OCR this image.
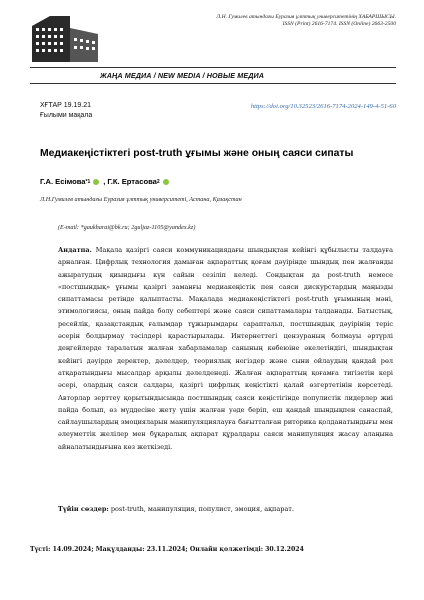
Л.Н. Гумилев атындағы Еуразия ұлттық университетінің ХАБАРШЫСЫ.
ISSN (Print) 2616-7174. ISSN (Online) 2663-2500
ЖАҢА МЕДИА / NEW MEDIA / НОВЫЕ МЕДИА
ХҒТАР 19.19.21
Ғылыми мақала
https://doi.org/10.32523/2616-7174-2024-149-4-51-60
Медиакеңістіктегі post-truth ұғымы және оның саяси сипаты
Г.А. Есімова *1 , Г.К. Ертасова 2
Л.Н.Гумилев атындағы Еуразия ұлттық университеті, Астана, Қазақстан
(E-mail: *gaukharai@bk.ru; 2guljaz-1105@yandex.kz)
Андатпа. Мақала қазіргі саяси коммуникациядағы шындықтан кейінгі құбылысты талдауға арналған. Цифрлық технология дамыған ақпараттық қоғам дәуірінде шындық пен жалғанды ажыратудың қиындығы күн сайын сезіліп келеді. Сондықтан да post-truth немесе «постшындық» ұғымы қазіргі заманғы медиакеңістік пен саяси дискурстардың маңызды сипаттамасы ретінде қалыптасты. Мақалада медиакеңістіктегі post-truth ұғымының мәні, этимологиясы, оның пайда болу себептері және саяси сипаттамалары талданады. Батыстық, ресейлік, қазақстандық ғалымдар тұжырымдары сараптальп, постшындық дәуірінің теріс әсерін болдырмау тәсілдері қарастырылады. Интернеттегі цензураның болмауы әртүрлі деңгейлерде таралатын жалған хабарламалар санының көбеюіне әкелетіндігі, шындықтан кейінгі дәуірде деректер, дәлелдер, теориялық негіздер және сыни ойлаудың қандай рөл атқаратындығы мысалдар арқылы дәлелденеді. Жалған ақпараттың қоғамға тигізетін кері әсері, олардың саяси салдары, қазіргі цифрлық кеңістікті қалай өзгертетінін көрсетеді. Авторлар зерттеу қорытындысында постшындық саяси кеңістігінде популистік лидерлер жиі пайда болып, өз мүддесіне жету үшін жалған уәде беріп, еш қандай шындықпен санаспай, сайлаушылардың эмоцияларын манипуляциялауға бағытталған риторика қолданатындығы мен әлеуметтік желілер мен бұқаралық ақпарат құралдары саяси манипуляция жасау алаңына айналатындығына көз жеткізеді.
Түйін сөздер: post-truth, манипуляция, популист, эмоция, ақпарат.
Түсті: 14.09.2024; Мақұлданды: 23.11.2024; Онлайн қолжетімді: 30.12.2024
